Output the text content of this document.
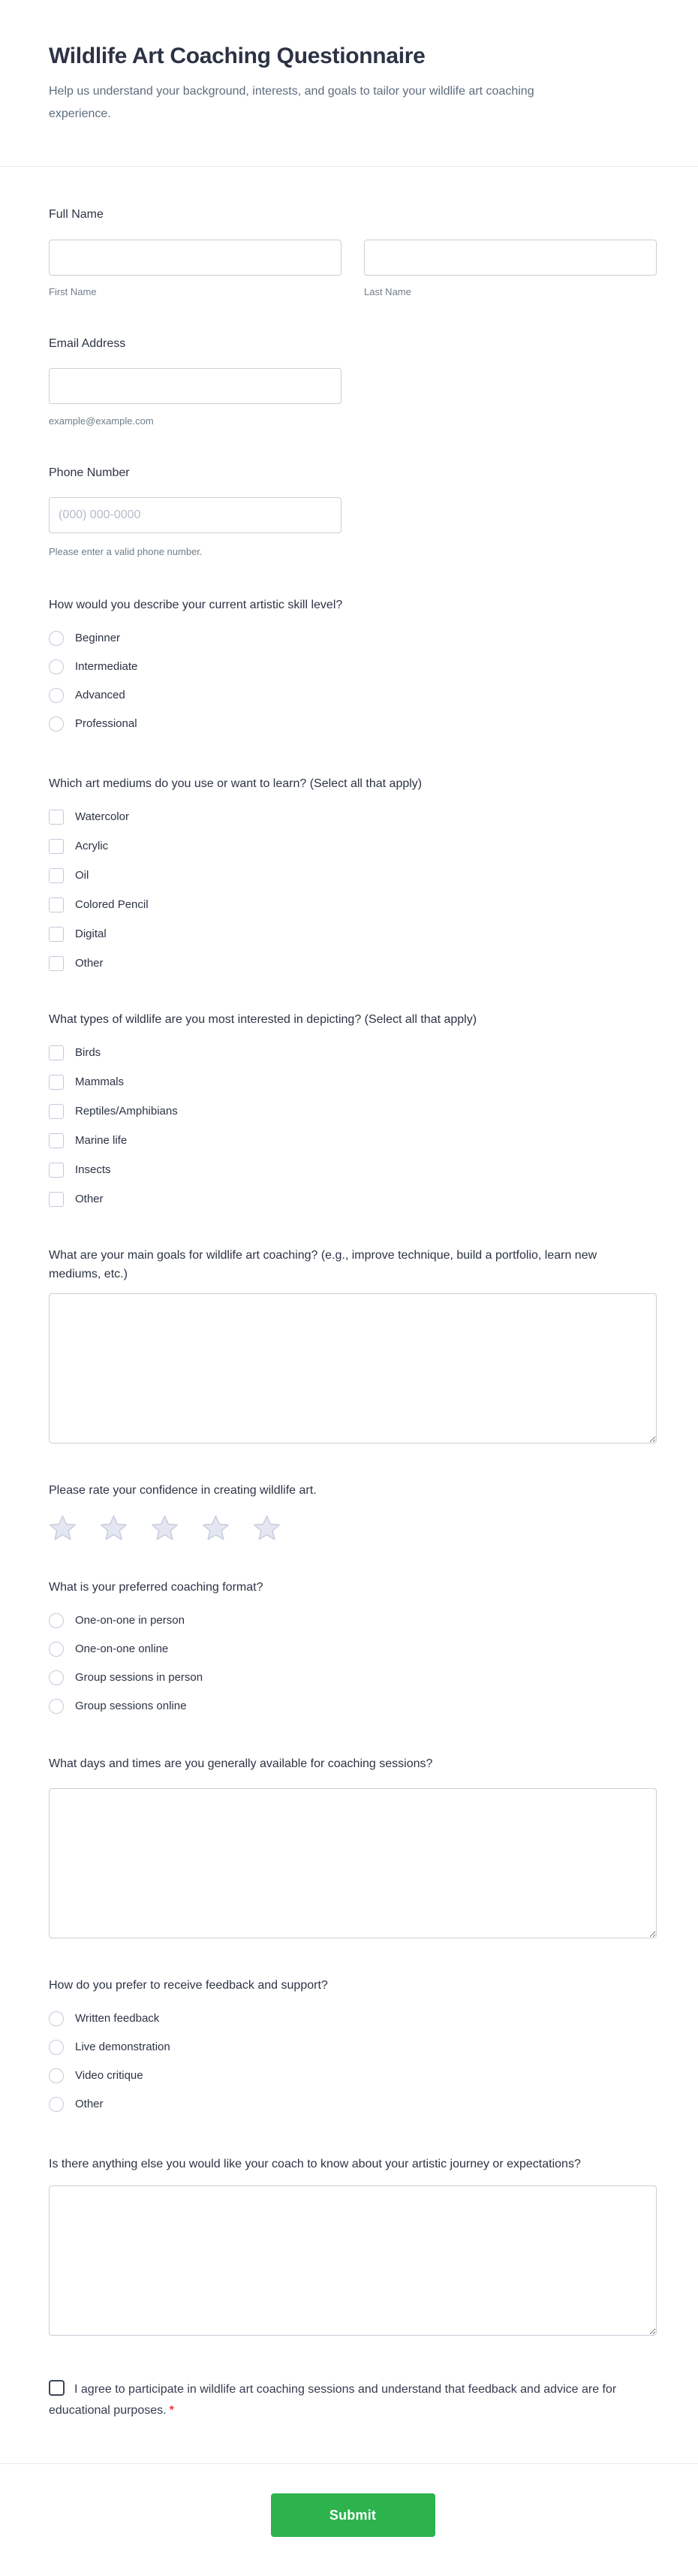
Wildlife Art Coaching Questionnaire
Help us understand your background, interests, and goals to tailor your wildlife art coaching experience.
Full Name
First Name	Last Name
Email Address
example@example.com
Phone Number
(000) 000-0000
Please enter a valid phone number.
How would you describe your current artistic skill level?
Beginner
Intermediate
Advanced
Professional
Which art mediums do you use or want to learn? (Select all that apply)
Watercolor
Acrylic
Oil
Colored Pencil
Digital
Other
What types of wildlife are you most interested in depicting? (Select all that apply)
Birds
Mammals
Reptiles/Amphibians
Marine life
Insects
Other
What are your main goals for wildlife art coaching? (e.g., improve technique, build a portfolio, learn new mediums, etc.)
Please rate your confidence in creating wildlife art.
What is your preferred coaching format?
One-on-one in person
One-on-one online
Group sessions in person
Group sessions online
What days and times are you generally available for coaching sessions?
How do you prefer to receive feedback and support?
Written feedback
Live demonstration
Video critique
Other
Is there anything else you would like your coach to know about your artistic journey or expectations?
I agree to participate in wildlife art coaching sessions and understand that feedback and advice are for educational purposes. *
Submit
